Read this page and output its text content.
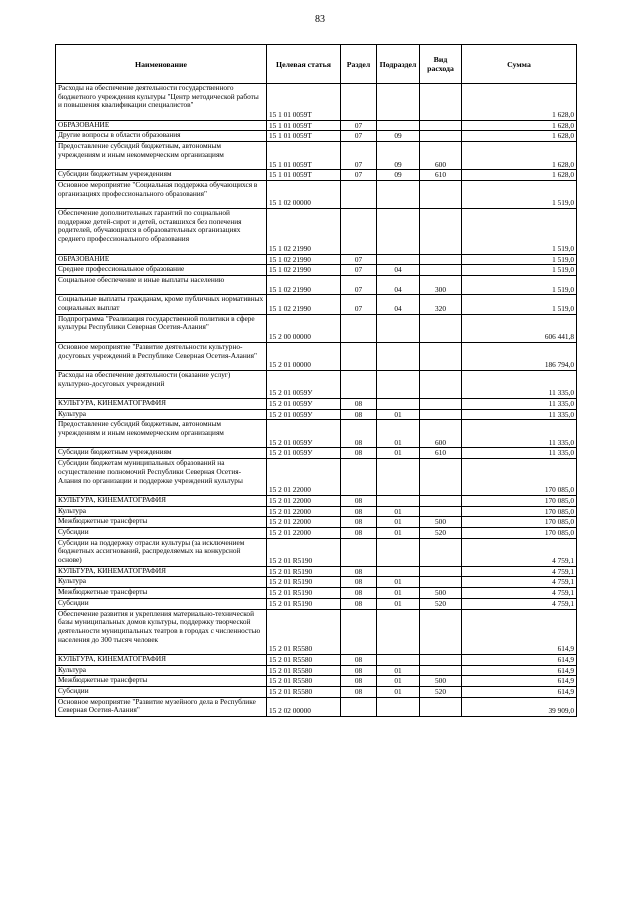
83
Наименование	Целевая статья	Раздел	Подраздел	Вид расхода	Сумма
Расходы на обеспечение деятельности государственного бюджетного учреждения культуры "Центр методической работы и повышения квалификации специалистов"	15 1 01 0059Т				1 628,0
ОБРАЗОВАНИЕ	15 1 01 0059Т	07			1 628,0
Другие вопросы в области образования	15 1 01 0059Т	07	09		1 628,0
Предоставление субсидий бюджетным, автономным учреждениям и иным некоммерческим организациям	15 1 01 0059Т	07	09	600	1 628,0
Субсидии бюджетным учреждениям	15 1 01 0059Т	07	09	610	1 628,0
Основное мероприятие "Социальная поддержка обучающихся в организациях профессионального образования"	15 1 02 00000				1 519,0
Обеспечение дополнительных гарантий по социальной поддержке детей-сирот и детей, оставшихся без попечения родителей, обучающихся в образовательных организациях среднего профессионального образования	15 1 02 21990				1 519,0
ОБРАЗОВАНИЕ	15 1 02 21990	07			1 519,0
Среднее профессиональное образование	15 1 02 21990	07	04		1 519,0
Социальное обеспечение и иные выплаты населению	15 1 02 21990	07	04	300	1 519,0
Социальные выплаты гражданам, кроме публичных нормативных социальных выплат	15 1 02 21990	07	04	320	1 519,0
Подпрограмма "Реализация государственной политики в сфере культуры Республики Северная Осетия-Алания"	15 2 00 00000				606 441,8
Основное мероприятие "Развитие деятельности культурно-досуговых учреждений в Республике Северная Осетия-Алания"	15 2 01 00000				186 794,0
Расходы на обеспечение деятельности (оказание услуг) культурно-досуговых учреждений	15 2 01 0059У				11 335,0
КУЛЬТУРА, КИНЕМАТОГРАФИЯ	15 2 01 0059У	08			11 335,0
Культура	15 2 01 0059У	08	01		11 335,0
Предоставление субсидий бюджетным, автономным учреждениям и иным некоммерческим организациям	15 2 01 0059У	08	01	600	11 335,0
Субсидии бюджетным учреждениям	15 2 01 0059У	08	01	610	11 335,0
Субсидии бюджетам муниципальных образований на осуществление полномочий Республики Северная Осетия-Алания по организации и поддержке учреждений культуры	15 2 01 22000				170 085,0
КУЛЬТУРА, КИНЕМАТОГРАФИЯ	15 2 01 22000	08			170 085,0
Культура	15 2 01 22000	08	01		170 085,0
Межбюджетные трансферты	15 2 01 22000	08	01	500	170 085,0
Субсидии	15 2 01 22000	08	01	520	170 085,0
Субсидии на поддержку отрасли культуры (за исключением бюджетных ассигнований, распределяемых на конкурсной основе)	15 2 01 R5190				4 759,1
КУЛЬТУРА, КИНЕМАТОГРАФИЯ	15 2 01 R5190	08			4 759,1
Культура	15 2 01 R5190	08	01		4 759,1
Межбюджетные трансферты	15 2 01 R5190	08	01	500	4 759,1
Субсидии	15 2 01 R5190	08	01	520	4 759,1
Обеспечение развития и укрепления материально-технической базы муниципальных домов культуры, поддержку творческой деятельности муниципальных театров в городах с численностью населения до 300 тысяч человек	15 2 01 R5580				614,9
КУЛЬТУРА, КИНЕМАТОГРАФИЯ	15 2 01 R5580	08			614,9
Культура	15 2 01 R5580	08	01		614,9
Межбюджетные трансферты	15 2 01 R5580	08	01	500	614,9
Субсидии	15 2 01 R5580	08	01	520	614,9
Основное мероприятие "Развитие музейного дела в Республике Северная Осетия-Алания"	15 2 02 00000				39 909,0
